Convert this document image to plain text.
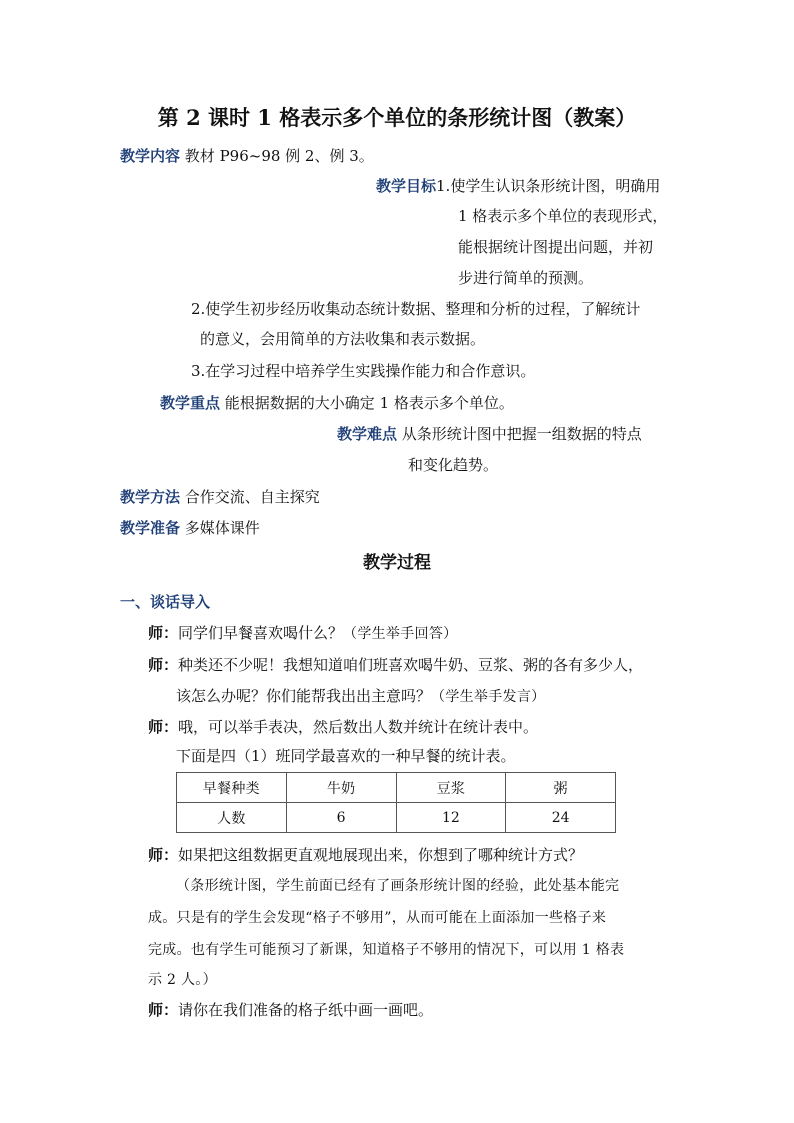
第 2 课时 1 格表示多个单位的条形统计图（教案）
教学内容 教材 P96~98 例 2、例 3。
教学目标1.使学生认识条形统计图，明确用
1 格表示多个单位的表现形式，
能根据统计图提出问题，并初
步进行简单的预测。
2.使学生初步经历收集动态统计数据、整理和分析的过程，了解统计
的意义，会用简单的方法收集和表示数据。
3.在学习过程中培养学生实践操作能力和合作意识。
教学重点 能根据数据的大小确定 1 格表示多个单位。
教学难点 从条形统计图中把握一组数据的特点
和变化趋势。
教学方法 合作交流、自主探究
教学准备 多媒体课件
教学过程
一、谈话导入
师：同学们早餐喜欢喝什么？（学生举手回答）
师：种类还不少呢！我想知道咱们班喜欢喝牛奶、豆浆、粥的各有多少人，
该怎么办呢？你们能帮我出出主意吗？（学生举手发言）
师：哦，可以举手表决，然后数出人数并统计在统计表中。
下面是四（1）班同学最喜欢的一种早餐的统计表。
早餐种类	牛奶	豆浆	粥
人数	6	12	24
师：如果把这组数据更直观地展现出来，你想到了哪种统计方式？
（条形统计图，学生前面已经有了画条形统计图的经验，此处基本能完
成。只是有的学生会发现“格子不够用”，从而可能在上面添加一些格子来
完成。也有学生可能预习了新课，知道格子不够用的情况下，可以用 1 格表
示 2 人。）
师：请你在我们准备的格子纸中画一画吧。
